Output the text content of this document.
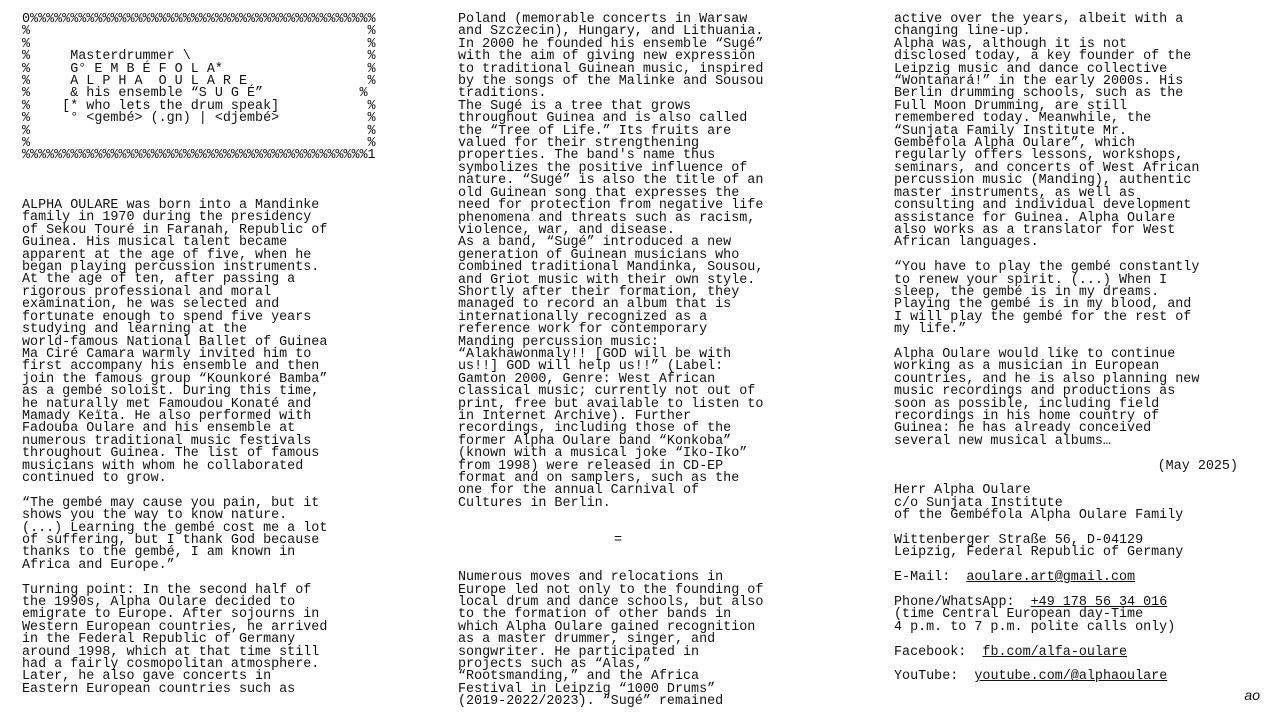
0%%%%%%%%%%%%%%%%%%%%%%%%%%%%%%%%%%%%%%%%%%%
%                                          %
%                                          %
%     Masterdrummer \                      %
%     G° E M B É F O L A*                  %
%     A L P H A  O U L A R E               %
%     & his ensemble “S U G É”            %
%    [* who lets the drum speak]           %
%     ° <gembé> (.gn) | <djembé>           %
%                                          %
%                                          %
%%%%%%%%%%%%%%%%%%%%%%%%%%%%%%%%%%%%%%%%%%%1

ALPHA OULARE was born into a Mandinke
family in 1970 during the presidency
of Sekou Touré in Faranah, Republic of
Guinea. His musical talent became
apparent at the age of five, when he
began playing percussion instruments.
At the age of ten, after passing a
rigorous professional and moral
examination, he was selected and
fortunate enough to spend five years
studying and learning at the
world-famous National Ballet of Guinea
Ma Ciré Camara warmly invited him to
first accompany his ensemble and then
join the famous group “Kounkoré Bamba”
as a gembé soloist. During this time,
he naturally met Famoudou Konaté and
Mamady Keïta. He also performed with
Fadouba Oulare and his ensemble at
numerous traditional music festivals
throughout Guinea. The list of famous
musicians with whom he collaborated
continued to grow.

“The gembé may cause you pain, but it
shows you the way to know nature.
(...) Learning the gembé cost me a lot
of suffering, but I thank God because
thanks to the gembé, I am known in
Africa and Europe.”

Turning point: In the second half of
the 1990s, Alpha Oulare decided to
emigrate to Europe. After sojourns in
Western European countries, he arrived
in the Federal Republic of Germany
around 1998, which at that time still
had a fairly cosmopolitan atmosphere.
Later, he also gave concerts in
Eastern European countries such as

Poland (memorable concerts in Warsaw
and Szczecin), Hungary, and Lithuania.
In 2000 he founded his ensemble “Sugé”
with the aim of giving new expression
to traditional Guinean music, inspired
by the songs of the Malinke and Sousou
traditions.
The Sugé is a tree that grows
throughout Guinea and is also called
the “Tree of Life.” Its fruits are
valued for their strengthening
properties. The band's name thus
symbolizes the positive influence of
nature. “Sugé” is also the title of an
old Guinean song that expresses the
need for protection from negative life
phenomena and threats such as racism,
violence, war, and disease.
As a band, “Sugé” introduced a new
generation of Guinean musicians who
combined traditional Mandinka, Sousou,
and Griot music with their own style.
Shortly after their formation, they
managed to record an album that is
internationally recognized as a
reference work for contemporary
Manding percussion music:
“Alakhawonmaly!! [GOD will be with
us!!] GOD will help us!!” (Label:
Gamton 2000, Genre: West African
classical music; currently not out of
print, free but available to listen to
in Internet Archive). Further
recordings, including those of the
former Alpha Oulare band “Konkoba”
(known with a musical joke “Iko-Iko”
from 1998) were released in CD-EP
format and on samplers, such as the
one for the annual Carnival of
Cultures in Berlin.

=

Numerous moves and relocations in
Europe led not only to the founding of
local drum and dance schools, but also
to the formation of other bands in
which Alpha Oulare gained recognition
as a master drummer, singer, and
songwriter. He participated in
projects such as “Alas,”
“Rootsmanding,” and the Africa
Festival in Leipzig “1000 Drums”
(2019-2022/2023). “Sugé” remained

active over the years, albeit with a
changing line-up.
Alpha was, although it is not
disclosed today, a key founder of the
Leipzig music and dance collective
“Wontanará!” in the early 2000s. His
Berlin drumming schools, such as the
Full Moon Drumming, are still
remembered today. Meanwhile, the
“Sunjata Family Institute Mr.
Gembéfola Alpha Oulare”, which
regularly offers lessons, workshops,
seminars, and concerts of West African
percussion music (Manding), authentic
master instruments, as well as
consulting and individual development
assistance for Guinea. Alpha Oulare
also works as a translator for West
African languages.

“You have to play the gembé constantly
to renew your spirit. (...) When I
sleep, the gembé is in my dreams.
Playing the gembé is in my blood, and
I will play the gembé for the rest of
my life.”

Alpha Oulare would like to continue
working as a musician in European
countries, and he is also planning new
music recordings and productions as
soon as possible, including field
recordings in his home country of
Guinea: he has already conceived
several new musical albums…

(May 2025)

Herr Alpha Oulare
c/o Sunjata Institute
of the Gembéfola Alpha Oulare Family

Wittenberger Straße 56, D-04129
Leipzig, Federal Republic of Germany

E-Mail: aoulare.art@gmail.com

Phone/WhatsApp: +49 178 56 34 016

(time Central European day-Time
4 p.m. to 7 p.m. polite calls only)

Facebook: fb.com/alfa-oulare

YouTube: youtube.com/@alphaoulare

ao
